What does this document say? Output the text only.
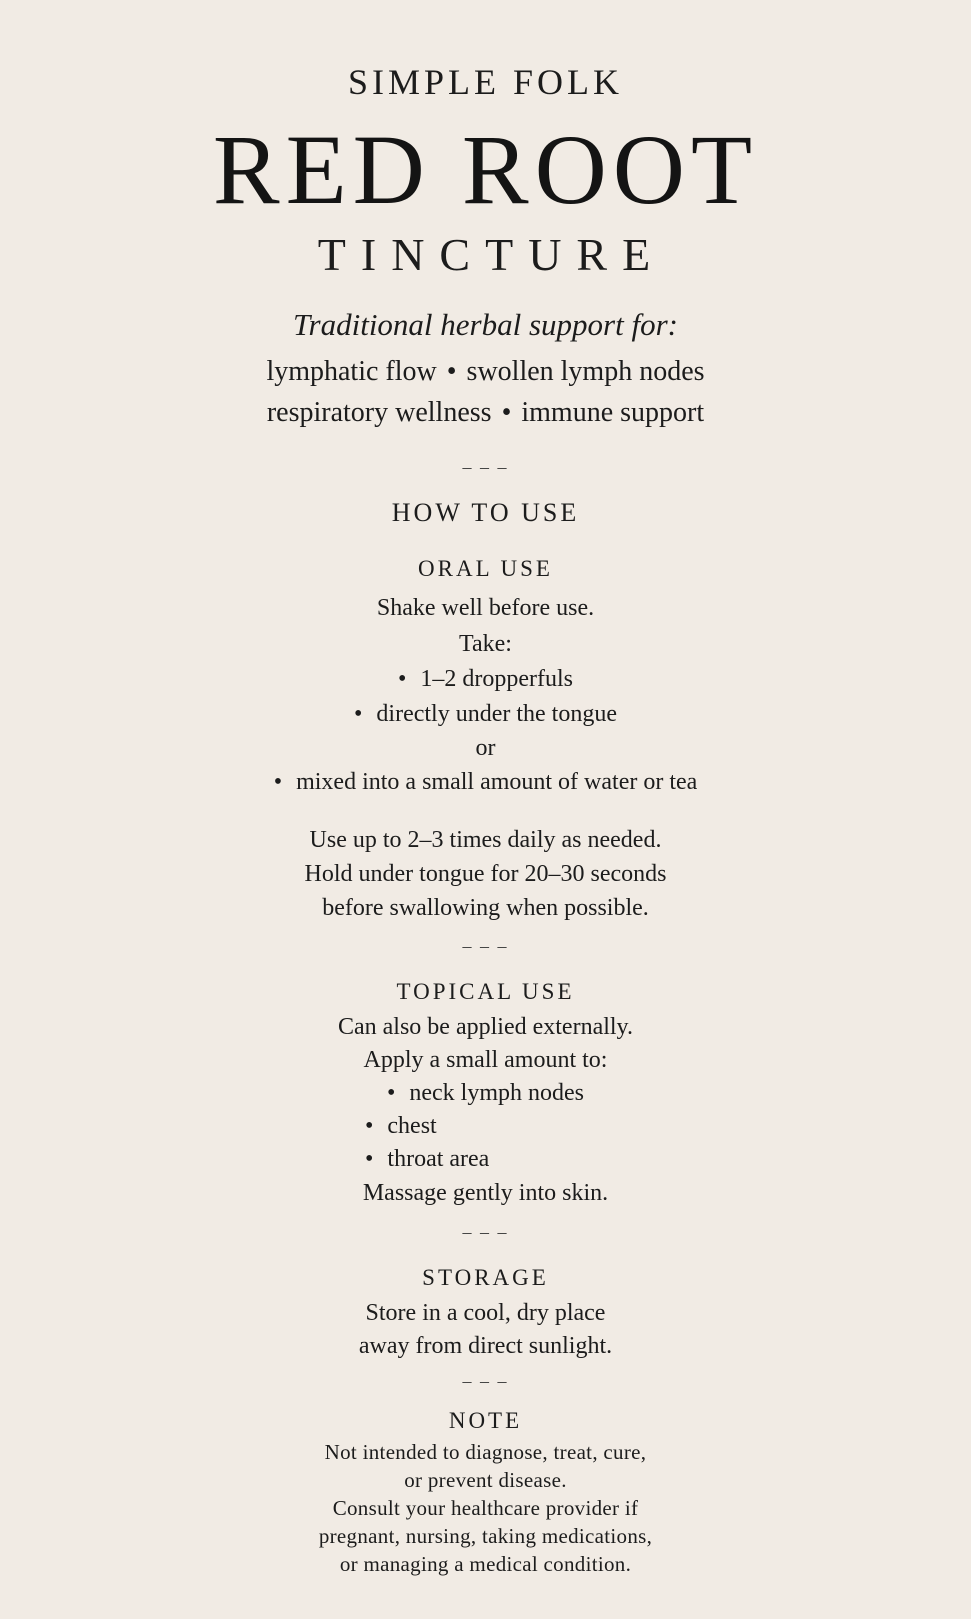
SIMPLE FOLK
RED ROOT
TINCTURE
Traditional herbal support for:
lymphatic flow • swollen lymph nodes
respiratory wellness • immune support
– – –
HOW TO USE
ORAL USE
Shake well before use.
Take:
• 1–2 dropperfuls
• directly under the tongue
or
• mixed into a small amount of water or tea
Use up to 2–3 times daily as needed.
Hold under tongue for 20–30 seconds
before swallowing when possible.
– – –
TOPICAL USE
Can also be applied externally.
Apply a small amount to:
• neck lymph nodes
• chest
• throat area
Massage gently into skin.
– – –
STORAGE
Store in a cool, dry place
away from direct sunlight.
– – –
NOTE
Not intended to diagnose, treat, cure,
or prevent disease.
Consult your healthcare provider if
pregnant, nursing, taking medications,
or managing a medical condition.
